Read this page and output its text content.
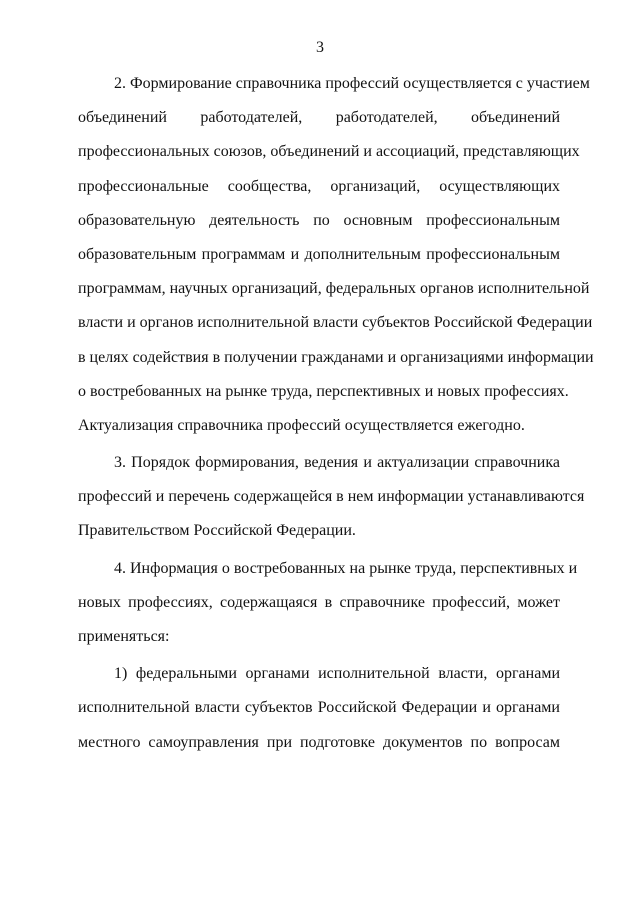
3

2. Формирование справочника профессий осуществляется с участием

объединений работодателей, работодателей, объединений

профессиональных союзов, объединений и ассоциаций, представляющих

профессиональные сообщества, организаций, осуществляющих

образовательную деятельность по основным профессиональным

образовательным программам и дополнительным профессиональным

программам, научных организаций, федеральных органов исполнительной

власти и органов исполнительной власти субъектов Российской Федерации

в целях содействия в получении гражданами и организациями информации

о востребованных на рынке труда, перспективных и новых профессиях.

Актуализация справочника профессий осуществляется ежегодно.

3. Порядок формирования, ведения и актуализации справочника

профессий и перечень содержащейся в нем информации устанавливаются

Правительством Российской Федерации.

4. Информация о востребованных на рынке труда, перспективных и

новых профессиях, содержащаяся в справочнике профессий, может

применяться:

1) федеральными органами исполнительной власти, органами

исполнительной власти субъектов Российской Федерации и органами

местного самоуправления при подготовке документов по вопросам
